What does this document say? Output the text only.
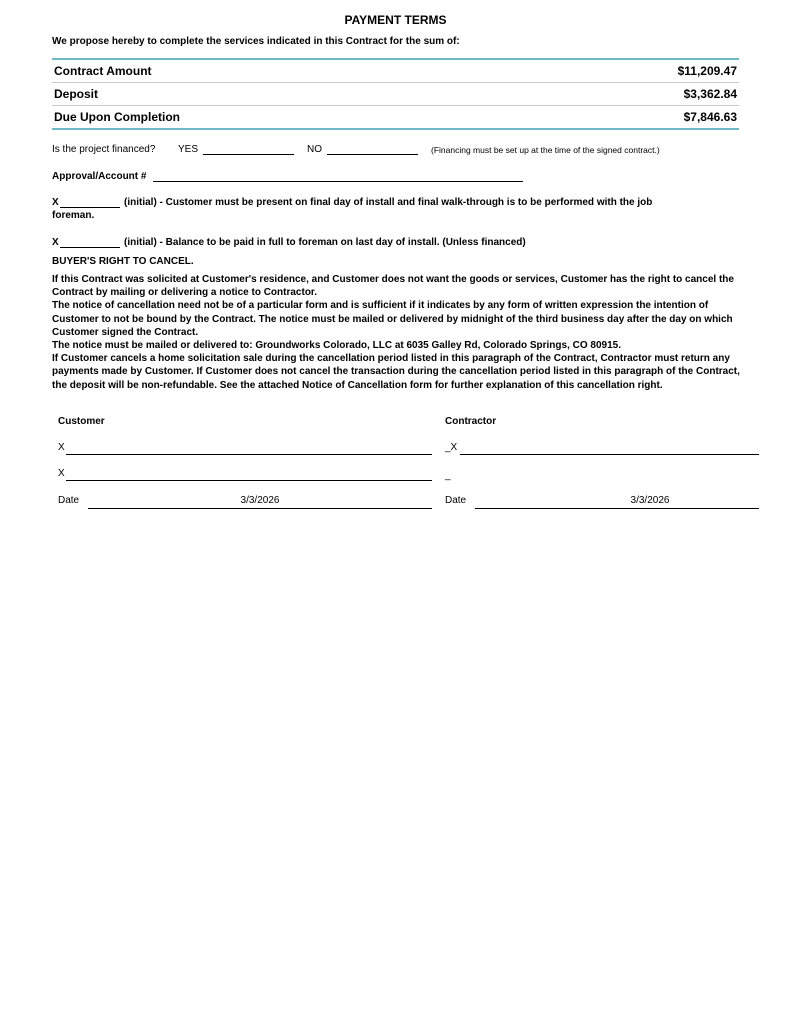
PAYMENT TERMS
We propose hereby to complete the services indicated in this Contract for the sum of:
Contract Amount	$11,209.47
Deposit	$3,362.84
Due Upon Completion	$7,846.63
Is the project financed? YES	NO	(Financing must be set up at the time of the signed contract.)
Approval/Account #
X	(initial) - Customer must be present on final day of install and final walk-through is to be performed with the job
foreman.
X	(initial) - Balance to be paid in full to foreman on last day of install. (Unless financed)
BUYER'S RIGHT TO CANCEL.

If this Contract was solicited at Customer's residence, and Customer does not want the goods or services, Customer has the right to cancel the Contract by mailing or delivering a notice to Contractor.

The notice of cancellation need not be of a particular form and is sufficient if it indicates by any form of written expression the intention of Customer to not be bound by the Contract. The notice must be mailed or delivered by midnight of the third business day after the day on which Customer signed the Contract.

The notice must be mailed or delivered to: Groundworks Colorado, LLC at 6035 Galley Rd, Colorado Springs, CO 80915.

If Customer cancels a home solicitation sale during the cancellation period listed in this paragraph of the Contract, Contractor must return any payments made by Customer. If Customer does not cancel the transaction during the cancellation period listed in this paragraph of the Contract, the deposit will be non-refundable. See the attached Notice of Cancellation form for further explanation of this cancellation right.

Customer	Contractor
X	_X
X	_
Date	3/3/2026	Date	3/3/2026
